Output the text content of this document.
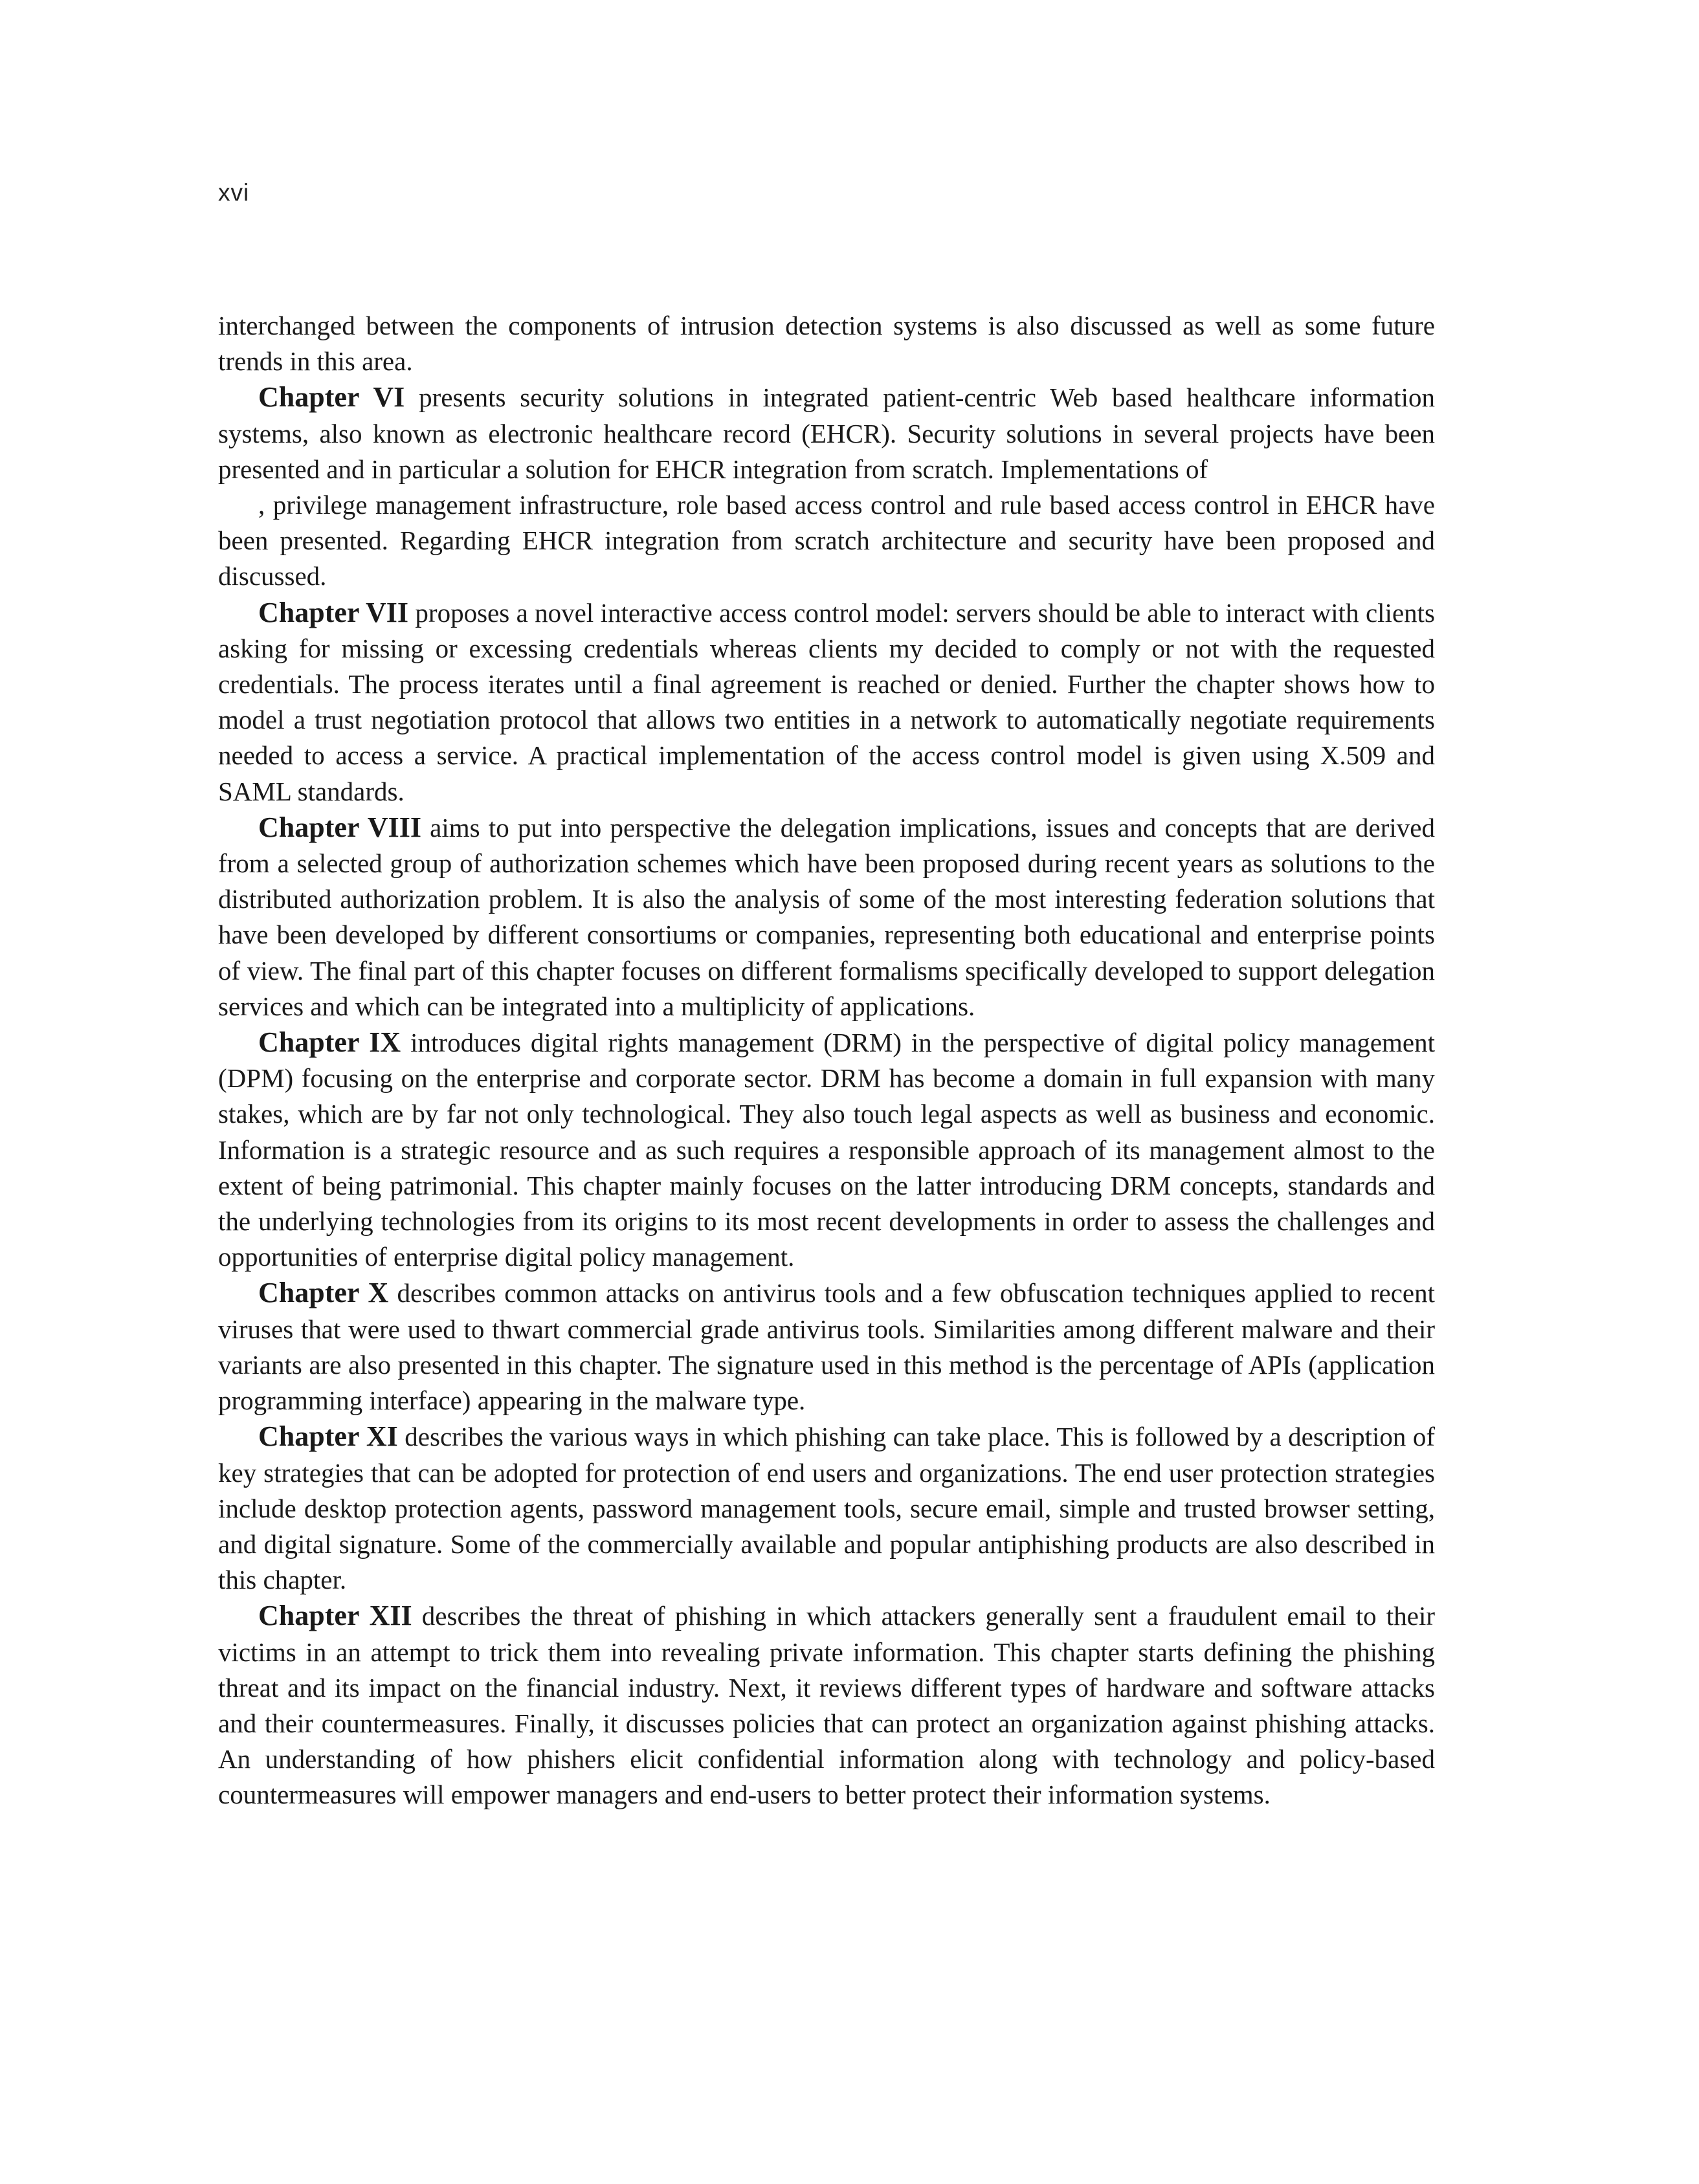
xvi

interchanged between the components of intrusion detection systems is also discussed as well as some future trends in this area.

Chapter VI presents security solutions in integrated patient-centric Web based healthcare information systems, also known as electronic healthcare record (EHCR). Security solutions in several projects have been presented and in particular a solution for EHCR integration from scratch. Implementations of
, privilege management infrastructure, role based access control and rule based access control in EHCR have been presented. Regarding EHCR integration from scratch architecture and security have been proposed and discussed.

Chapter VII proposes a novel interactive access control model: servers should be able to interact with clients asking for missing or excessing credentials whereas clients my decided to comply or not with the requested credentials. The process iterates until a final agreement is reached or denied. Further the chapter shows how to model a trust negotiation protocol that allows two entities in a network to automatically negotiate requirements needed to access a service. A practical implementation of the access control model is given using X.509 and SAML standards.

Chapter VIII aims to put into perspective the delegation implications, issues and concepts that are derived from a selected group of authorization schemes which have been proposed during recent years as solutions to the distributed authorization problem. It is also the analysis of some of the most interesting federation solutions that have been developed by different consortiums or companies, representing both educational and enterprise points of view. The final part of this chapter focuses on different formalisms specifically developed to support delegation services and which can be integrated into a multiplicity of applications.

Chapter IX introduces digital rights management (DRM) in the perspective of digital policy management (DPM) focusing on the enterprise and corporate sector. DRM has become a domain in full expansion with many stakes, which are by far not only technological. They also touch legal aspects as well as business and economic. Information is a strategic resource and as such requires a responsible approach of its management almost to the extent of being patrimonial. This chapter mainly focuses on the latter introducing DRM concepts, standards and the underlying technologies from its origins to its most recent developments in order to assess the challenges and opportunities of enterprise digital policy management.

Chapter X describes common attacks on antivirus tools and a few obfuscation techniques applied to recent viruses that were used to thwart commercial grade antivirus tools. Similarities among different malware and their variants are also presented in this chapter. The signature used in this method is the percentage of APIs (application programming interface) appearing in the malware type.

Chapter XI describes the various ways in which phishing can take place. This is followed by a description of key strategies that can be adopted for protection of end users and organizations. The end user protection strategies include desktop protection agents, password management tools, secure email, simple and trusted browser setting, and digital signature. Some of the commercially available and popular antiphishing products are also described in this chapter.

Chapter XII describes the threat of phishing in which attackers generally sent a fraudulent email to their victims in an attempt to trick them into revealing private information. This chapter starts defining the phishing threat and its impact on the financial industry. Next, it reviews different types of hardware and software attacks and their countermeasures. Finally, it discusses policies that can protect an organization against phishing attacks. An understanding of how phishers elicit confidential information along with technology and policy-based countermeasures will empower managers and end-users to better protect their information systems.
